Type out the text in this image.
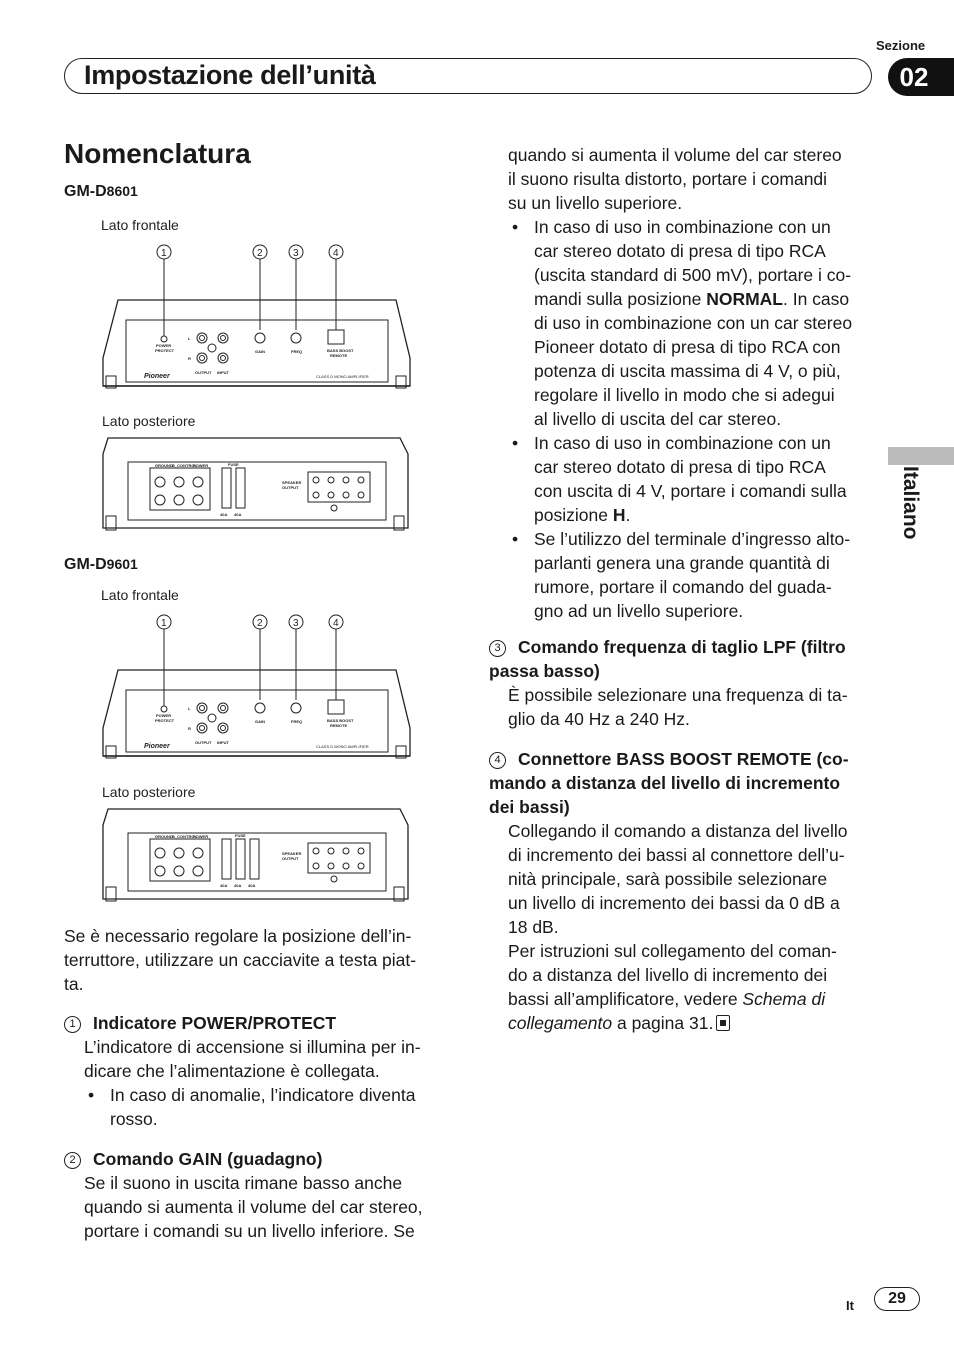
Sezione
Impostazione dell’unità	02
Italiano
Nomenclatura
GM-D8601
Lato frontale
Lato posteriore
1	2	3	4
POWER
PROTECT
L
R
OUTPUT INPUT
GAIN	FREQ	BASS BOOST
REMOTE
Pioneer	CLASS D MONO AMPLIFIER
GROUND B_CONTROL
POWER	FUSE
40A 40A
SPEAKER
OUTPUT
GM-D9601
Lato frontale
Lato posteriore
1	2	3	4
POWER
PROTECT
L
R
OUTPUT INPUT
GAIN	FREQ	BASS BOOST
REMOTE
Pioneer	CLASS D MONO AMPLIFIER
GROUND B_CONTROL
POWER	FUSE
40A 40A 40A
SPEAKER
OUTPUT

Se è necessario regolare la posizione dell’in-

terruttore, utilizzare un cacciavite a testa piat-

ta.

1 Indicatore POWER/PROTECT

L’indicatore di accensione si illumina per in-

dicare che l’alimentazione è collegata.

• In caso di anomalie, l’indicatore diventa

rosso.

2 Comando GAIN (guadagno)

Se il suono in uscita rimane basso anche

quando si aumenta il volume del car stereo,

portare i comandi su un livello inferiore. Se

quando si aumenta il volume del car stereo

il suono risulta distorto, portare i comandi

su un livello superiore.

• In caso di uso in combinazione con un

car stereo dotato di presa di tipo RCA

(uscita standard di 500 mV), portare i co-

mandi sulla posizione NORMAL. In caso

di uso in combinazione con un car stereo

Pioneer dotato di presa di tipo RCA con

potenza di uscita massima di 4 V, o più,

regolare il livello in modo che si adegui

al livello di uscita del car stereo.

• In caso di uso in combinazione con un

car stereo dotato di presa di tipo RCA

con uscita di 4 V, portare i comandi sulla

posizione H.

• Se l’utilizzo del terminale d’ingresso alto-

parlanti genera una grande quantità di

rumore, portare il comando del guada-

gno ad un livello superiore.

3 Comando frequenza di taglio LPF (filtro

passa basso)

È possibile selezionare una frequenza di ta-

glio da 40 Hz a 240 Hz.

4 Connettore BASS BOOST REMOTE (co-

mando a distanza del livello di incremento

dei bassi)

Collegando il comando a distanza del livello

di incremento dei bassi al connettore dell’u-

nità principale, sarà possibile selezionare

un livello di incremento dei bassi da 0 dB a

18 dB.

Per istruzioni sul collegamento del coman-

do a distanza del livello di incremento dei

bassi all’amplificatore, vedere Schema di

collegamento a pagina 31.

It	29
